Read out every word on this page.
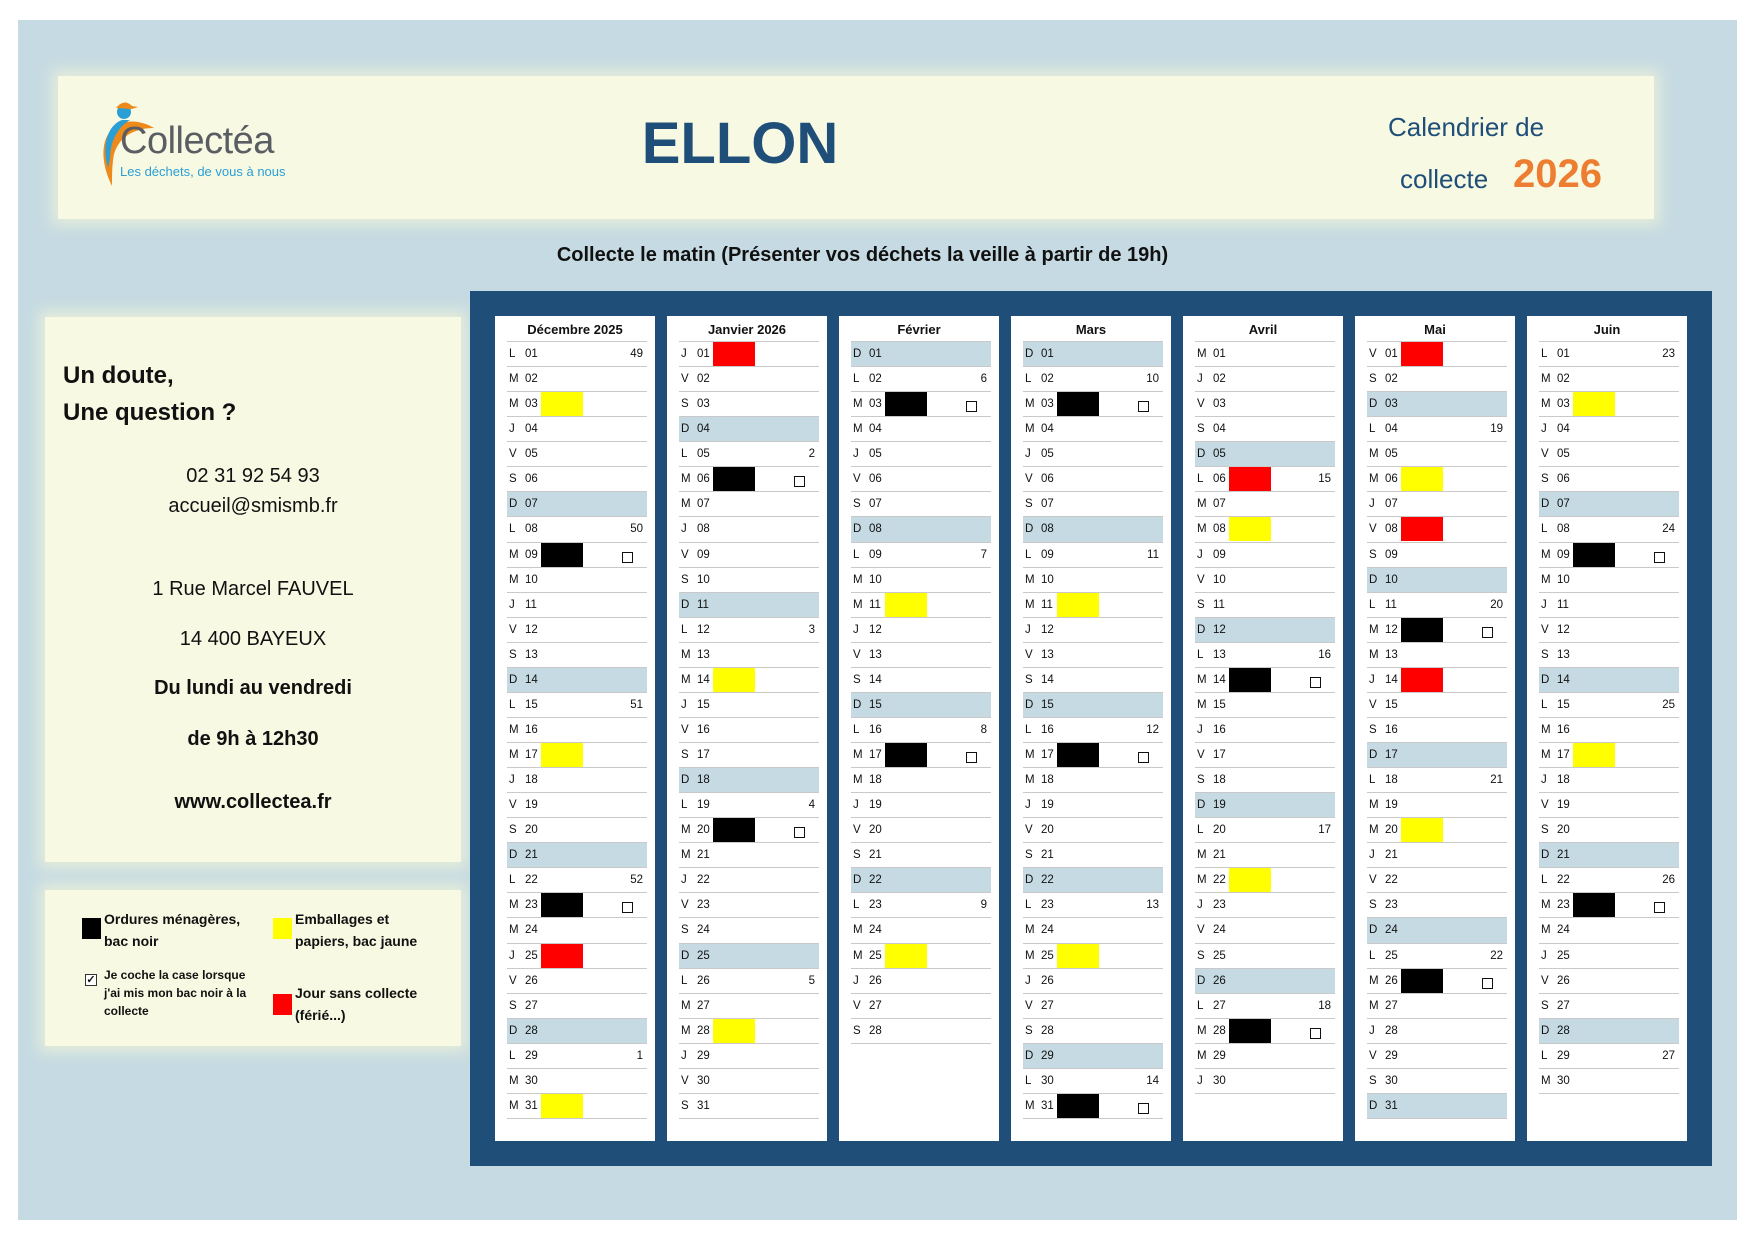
Collectéa
Les déchets, de vous à nous	ELLON	Calendrier de
collecte 2026
Collecte le matin (Présenter vos déchets la veille à partir de 19h)
Un doute,
Une question ?
02 31 92 54 93
accueil@smismb.fr
1 Rue Marcel FAUVEL
14 400 BAYEUX
Du lundi au vendredi
de 9h à 12h30
www.collectea.fr
Ordures ménagères, bac noir
Emballages et papiers, bac jaune
✓ Je coche la case lorsque j'ai mis mon bac noir à la collecte
Jour sans collecte (férié...)
Décembre 2025
L 01	49
M 02
M 03
J 04
V 05
S 06
D 07
L 08	50
M 09
M 10
J 11
V 12
S 13
D 14
L 15	51
M 16
M 17
J 18
V 19
S 20
D 21
L 22	52
M 23
M 24
J 25
V 26
S 27
D 28
L 29	1
M 30
M 31
Janvier 2026
J 01
V 02
S 03
D 04
L 05	2
M 06
M 07
J 08
V 09
S 10
D 11
L 12	3
M 13
M 14
J 15
V 16
S 17
D 18
L 19	4
M 20
M 21
J 22
V 23
S 24
D 25
L 26	5
M 27
M 28
J 29
V 30
S 31
Février
D 01
L 02	6
M 03
M 04
J 05
V 06
S 07
D 08
L 09	7
M 10
M 11
J 12
V 13
S 14
D 15
L 16	8
M 17
M 18
J 19
V 20
S 21
D 22
L 23	9
M 24
M 25
J 26
V 27
S 28
Mars
D 01
L 02	10
M 03
M 04
J 05
V 06
S 07
D 08
L 09	11
M 10
M 11
J 12
V 13
S 14
D 15
L 16	12
M 17
M 18
J 19
V 20
S 21
D 22
L 23	13
M 24
M 25
J 26
V 27
S 28
D 29
L 30	14
M 31
Avril
M 01
J 02
V 03
S 04
D 05
L 06	15
M 07
M 08
J 09
V 10
S 11
D 12
L 13	16
M 14
M 15
J 16
V 17
S 18
D 19
L 20	17
M 21
M 22
J 23
V 24
S 25
D 26
L 27	18
M 28
M 29
J 30
Mai
V 01
S 02
D 03
L 04	19
M 05
M 06
J 07
V 08
S 09
D 10
L 11	20
M 12
M 13
J 14
V 15
S 16
D 17
L 18	21
M 19
M 20
J 21
V 22
S 23
D 24
L 25	22
M 26
M 27
J 28
V 29
S 30
D 31
Juin
L 01	23
M 02
M 03
J 04
V 05
S 06
D 07
L 08	24
M 09
M 10
J 11
V 12
S 13
D 14
L 15	25
M 16
M 17
J 18
V 19
S 20
D 21
L 22	26
M 23
M 24
J 25
V 26
S 27
D 28
L 29	27
M 30
